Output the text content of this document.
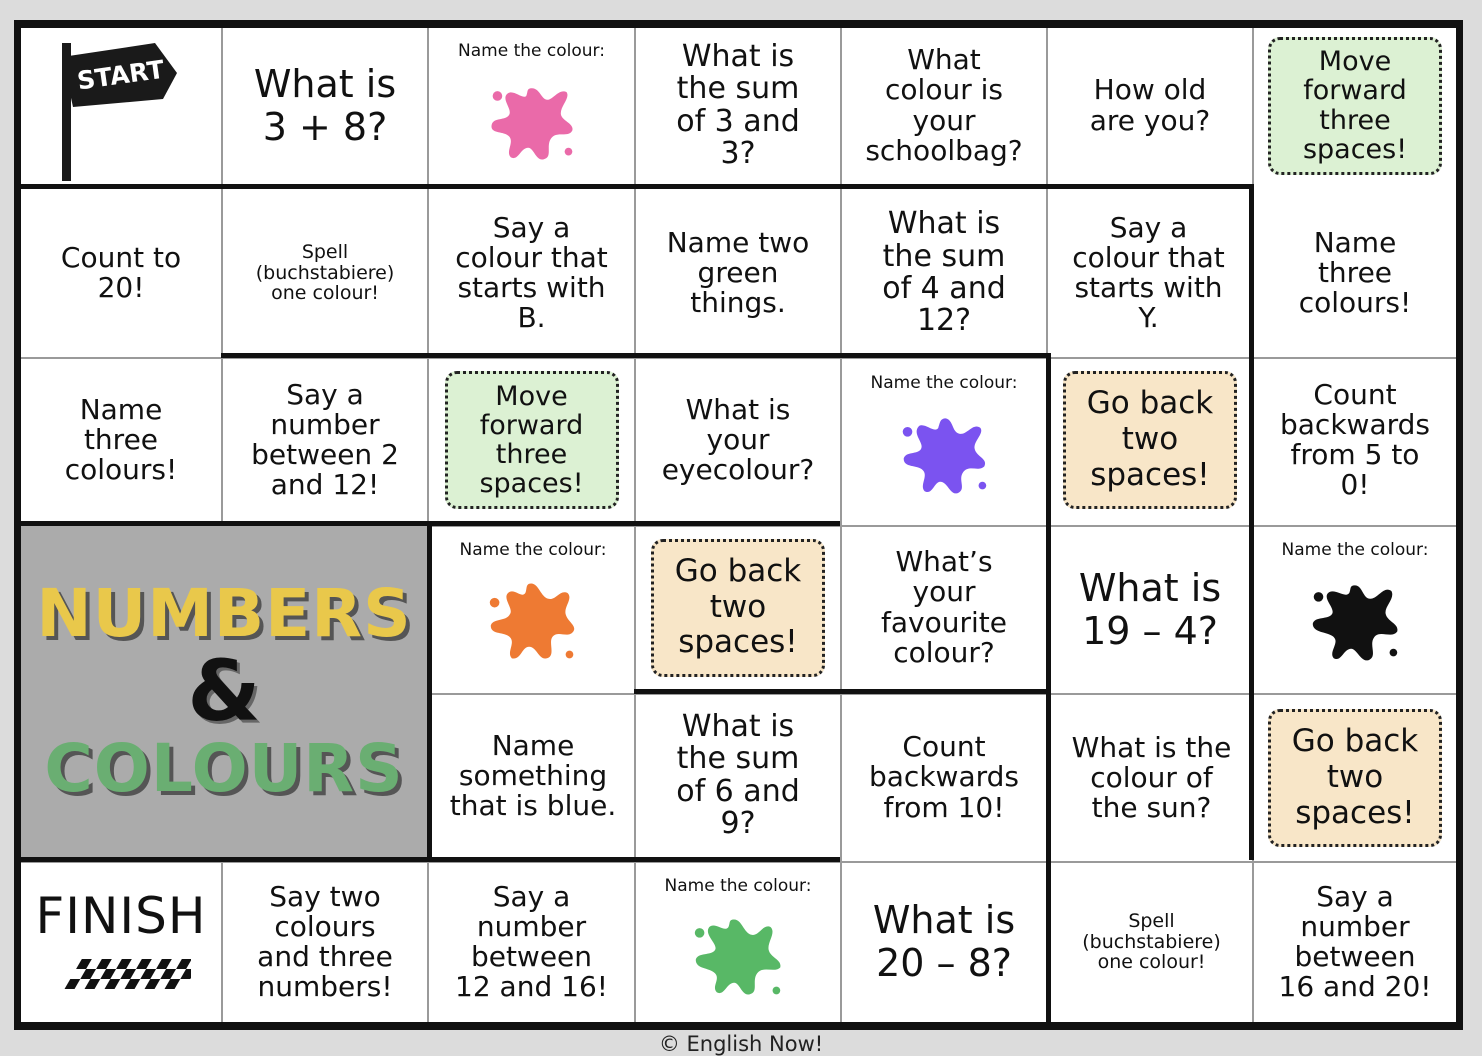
START What is
3 + 8?
Name the colour:	What is
the sum
of 3 and
3?
What
colour is
your
schoolbag?
How old
are you?
Move
forward
three
spaces!
Count to
20!
Spell
(buchstabiere)
one colour!
Say a
colour that
starts with
B.
Name two
green
things.
What is
the sum
of 4 and
12?
Say a
colour that
starts with
Y.
Name
three
colours!
Name
three
colours!
Say a
number
between 2
and 12!
Move
forward
three
spaces!
What is
your
eyecolour?
Name the colour:
Go back
two
spaces!
Count
backwards
from 5 to
0!
NUMBERS
&
COLOURS
Name the colour:
Go back
two
spaces!
What’s
your
favourite
colour?
What is
19 – 4?
Name the colour:
Name
something
that is blue.
What is
the sum
of 6 and
9?
Count
backwards
from 10!
What is the
colour of
the sun?
Go back
two
spaces!
FINISH	Say two
colours
and three
numbers!
Say a
number
between
12 and 16!
Name the colour:
What is
20 – 8?
Spell
(buchstabiere)
one colour!
Say a
number
between
16 and 20!
© English Now!
